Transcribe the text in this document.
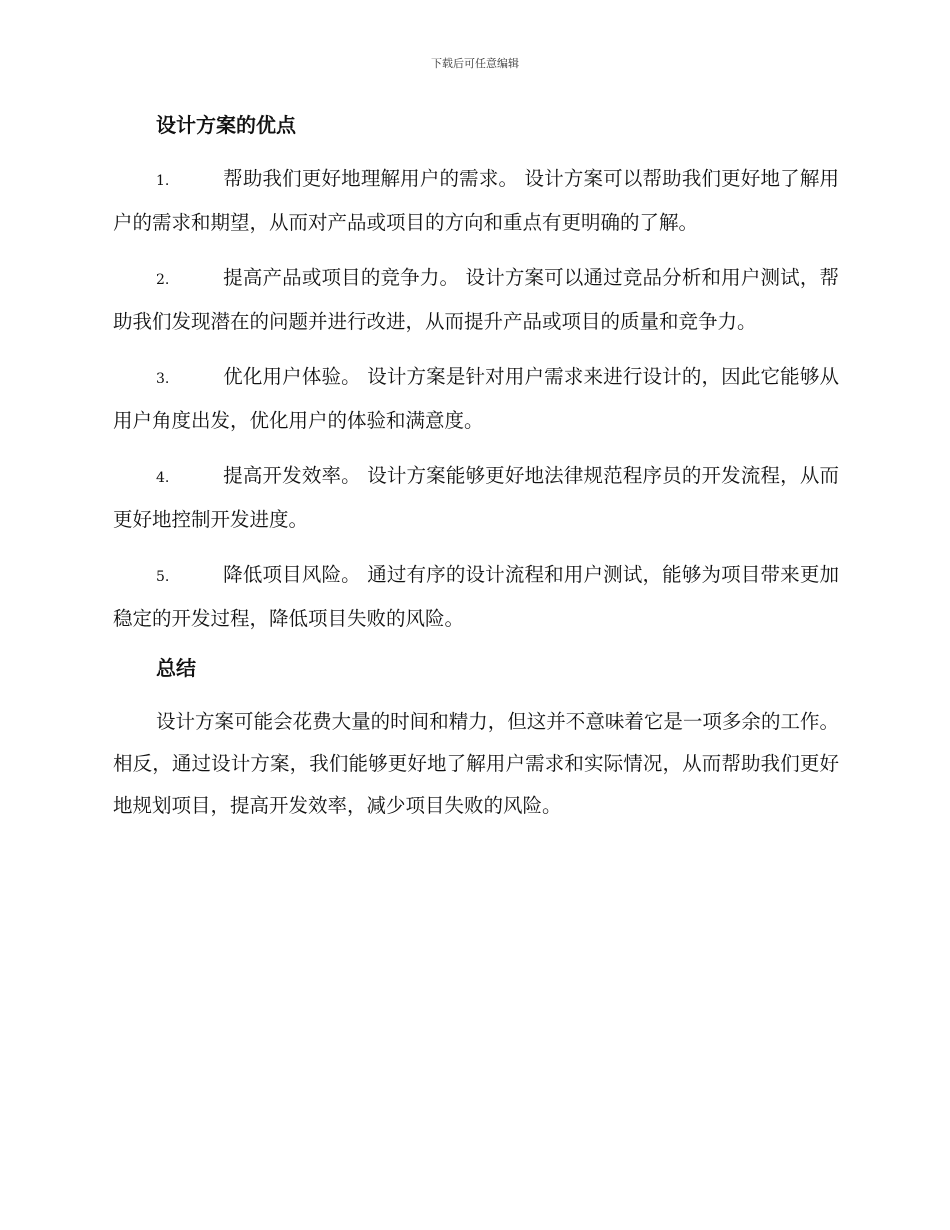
下载后可任意编辑
设计方案的优点

1.	帮助我们更好地理解用户的需求。 设计方案可以帮助我们更好地了解用户的需求和期望，从而对产品或项目的方向和重点有更明确的了解。

2.	提高产品或项目的竞争力。 设计方案可以通过竞品分析和用户测试，帮助我们发现潜在的问题并进行改进，从而提升产品或项目的质量和竞争力。

3.	优化用户体验。 设计方案是针对用户需求来进行设计的，因此它能够从用户角度出发，优化用户的体验和满意度。

4.	提高开发效率。 设计方案能够更好地法律规范程序员的开发流程，从而更好地控制开发进度。

5.	降低项目风险。 通过有序的设计流程和用户测试，能够为项目带来更加稳定的开发过程，降低项目失败的风险。

总结

设计方案可能会花费大量的时间和精力，但这并不意味着它是一项多余的工作。相反，通过设计方案，我们能够更好地了解用户需求和实际情况，从而帮助我们更好地规划项目，提高开发效率，减少项目失败的风险。
